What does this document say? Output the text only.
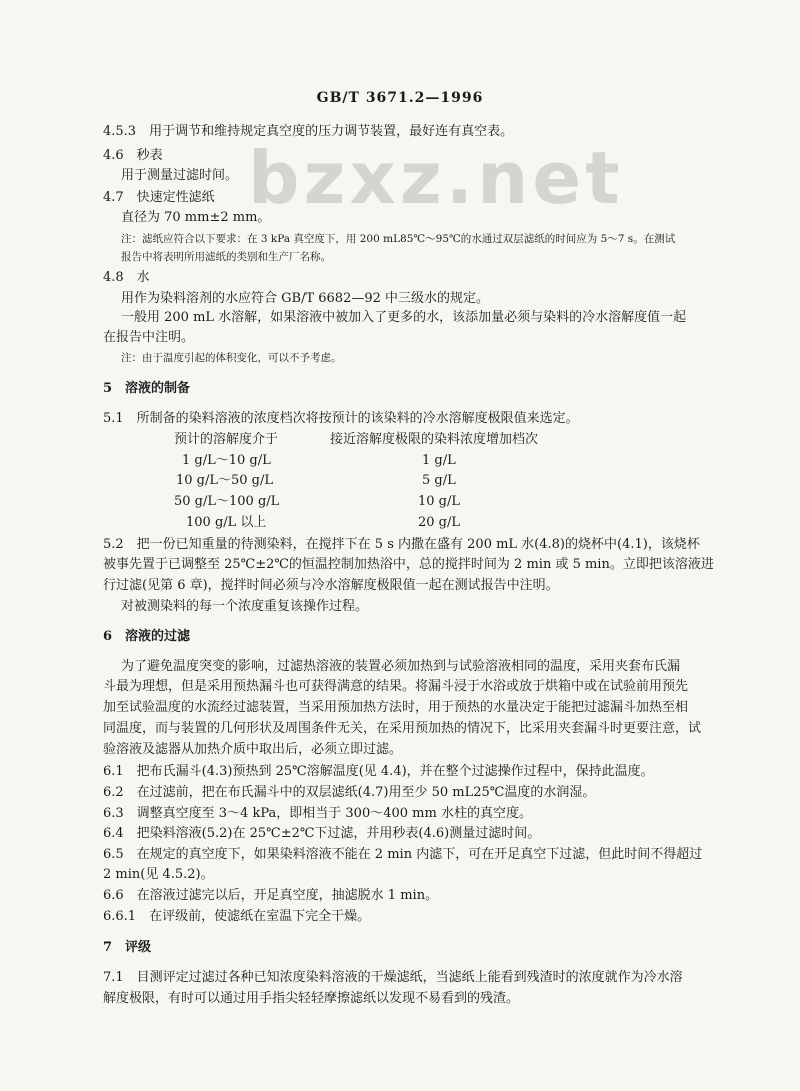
GB/T 3671.2—1996
bzxz.net
4.5.3　用于调节和维持规定真空度的压力调节装置，最好连有真空表。
4.6　秒表
用于测量过滤时间。
4.7　快速定性滤纸
直径为 70 mm±2 mm。
注：滤纸应符合以下要求：在 3 kPa 真空度下，用 200 mL85℃～95℃的水通过双层滤纸的时间应为 5～7 s。在测试
报告中将表明所用滤纸的类别和生产厂名称。
4.8　水
用作为染料溶剂的水应符合 GB/T 6682—92 中三级水的规定。
一般用 200 mL 水溶解，如果溶液中被加入了更多的水，该添加量必须与染料的冷水溶解度值一起
在报告中注明。
注：由于温度引起的体积变化，可以不予考虑。
5　溶液的制备
5.1　所制备的染料溶液的浓度档次将按预计的该染料的冷水溶解度极限值来选定。
预计的溶解度介于	接近溶解度极限的染料浓度增加档次
1 g/L～10 g/L	1 g/L
10 g/L～50 g/L	5 g/L
50 g/L～100 g/L	10 g/L
100 g/L 以上	20 g/L
5.2　把一份已知重量的待测染料，在搅拌下在 5 s 内撒在盛有 200 mL 水(4.8)的烧杯中(4.1)，该烧杯
被事先置于已调整至 25℃±2℃的恒温控制加热浴中，总的搅拌时间为 2 min 或 5 min。立即把该溶液进
行过滤(见第 6 章)，搅拌时间必须与冷水溶解度极限值一起在测试报告中注明。
对被测染料的每一个浓度重复该操作过程。
6　溶液的过滤
为了避免温度突变的影响，过滤热溶液的装置必须加热到与试验溶液相同的温度，采用夹套布氏漏
斗最为理想，但是采用预热漏斗也可获得满意的结果。将漏斗浸于水浴或放于烘箱中或在试验前用预先
加至试验温度的水流经过滤装置，当采用预加热方法时，用于预热的水量决定于能把过滤漏斗加热至相
同温度，而与装置的几何形状及周围条件无关，在采用预加热的情况下，比采用夹套漏斗时更要注意，试
验溶液及滤器从加热介质中取出后，必须立即过滤。
6.1　把布氏漏斗(4.3)预热到 25℃溶解温度(见 4.4)，并在整个过滤操作过程中，保持此温度。
6.2　在过滤前，把在布氏漏斗中的双层滤纸(4.7)用至少 50 mL25℃温度的水润湿。
6.3　调整真空度至 3～4 kPa，即相当于 300～400 mm 水柱的真空度。
6.4　把染料溶液(5.2)在 25℃±2℃下过滤，并用秒表(4.6)测量过滤时间。
6.5　在规定的真空度下，如果染料溶液不能在 2 min 内滤下，可在开足真空下过滤，但此时间不得超过
2 min(见 4.5.2)。
6.6　在溶液过滤完以后，开足真空度，抽滤脱水 1 min。
6.6.1　在评级前，使滤纸在室温下完全干燥。
7　评级
7.1　目测评定过滤过各种已知浓度染料溶液的干燥滤纸，当滤纸上能看到残渣时的浓度就作为冷水溶
解度极限，有时可以通过用手指尖轻轻摩擦滤纸以发现不易看到的残渣。
